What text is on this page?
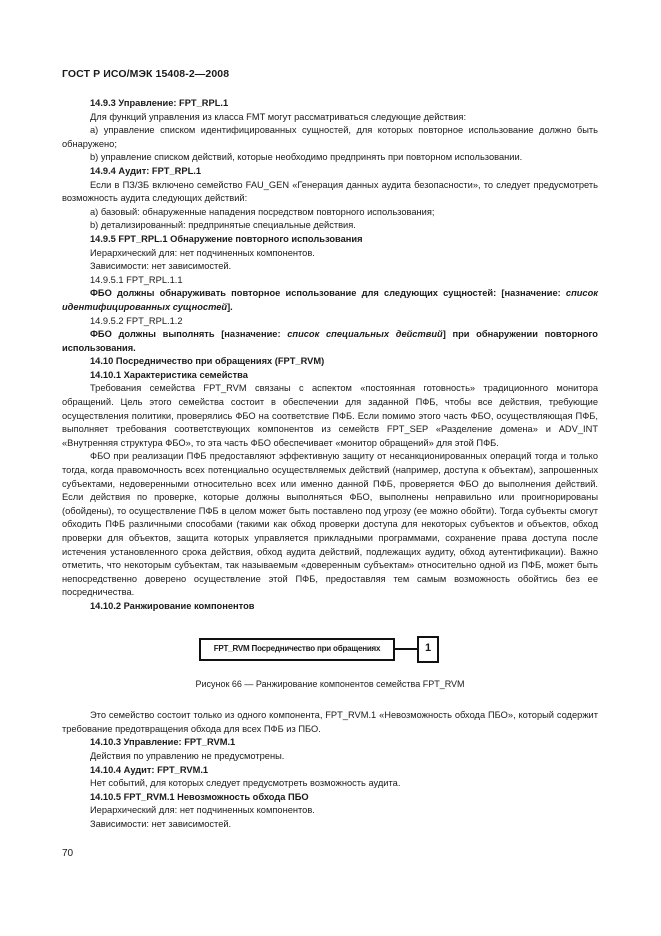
ГОСТ Р ИСО/МЭК 15408-2—2008

14.9.3 Управление: FPT_RPL.1

Для функций управления из класса FMT могут рассматриваться следующие действия:

а) управление списком идентифицированных сущностей, для которых повторное использование должно быть обнаружено;

b) управление списком действий, которые необходимо предпринять при повторном использовании.

14.9.4 Аудит: FPT_RPL.1

Если в ПЗ/ЗБ включено семейство FAU_GEN «Генерация данных аудита безопасности», то следует предусмотреть возможность аудита следующих действий:

а) базовый: обнаруженные нападения посредством повторного использования;

b) детализированный: предпринятые специальные действия.

14.9.5 FPT_RPL.1 Обнаружение повторного использования

Иерархический для: нет подчиненных компонентов.

Зависимости: нет зависимостей.

14.9.5.1 FPT_RPL.1.1

ФБО должны обнаруживать повторное использование для следующих сущностей: [назначение: список идентифицированных сущностей].

14.9.5.2 FPT_RPL.1.2

ФБО должны выполнять [назначение: список специальных действий] при обнаружении повторного использования.

14.10 Посредничество при обращениях (FPT_RVM)

14.10.1 Характеристика семейства

Требования семейства FPT_RVM связаны с аспектом «постоянная готовность» традиционного монитора обращений. Цель этого семейства состоит в обеспечении для заданной ПФБ, чтобы все действия, требующие осуществления политики, проверялись ФБО на соответствие ПФБ. Если помимо этого часть ФБО, осуществляющая ПФБ, выполняет требования соответствующих компонентов из семейств FPT_SEP «Разделение домена» и ADV_INT «Внутренняя структура ФБО», то эта часть ФБО обеспечивает «монитор обращений» для этой ПФБ.

ФБО при реализации ПФБ предоставляют эффективную защиту от несанкционированных операций тогда и только тогда, когда правомочность всех потенциально осуществляемых действий (например, доступа к объектам), запрошенных субъектами, недоверенными относительно всех или именно данной ПФБ, проверяется ФБО до выполнения действий. Если действия по проверке, которые должны выполняться ФБО, выполнены неправильно или проигнорированы (обойдены), то осуществление ПФБ в целом может быть поставлено под угрозу (ее можно обойти). Тогда субъекты смогут обходить ПФБ различными способами (такими как обход проверки доступа для некоторых субъектов и объектов, обход проверки для объектов, защита которых управляется прикладными программами, сохранение права доступа после истечения установленного срока действия, обход аудита действий, подлежащих аудиту, обход аутентификации). Важно отметить, что некоторым субъектам, так называемым «доверенным субъектам» относительно одной из ПФБ, может быть непосредственно доверено осуществление этой ПФБ, предоставляя тем самым возможность обойтись без ее посредничества.

14.10.2 Ранжирование компонентов

FPT_RVM Посредничество при обращениях	1
Рисунок 66 — Ранжирование компонентов семейства FPT_RVM

Это семейство состоит только из одного компонента, FPT_RVM.1 «Невозможность обхода ПБО», который содержит требование предотвращения обхода для всех ПФБ из ПБО.

14.10.3 Управление: FPT_RVM.1

Действия по управлению не предусмотрены.

14.10.4 Аудит: FPT_RVM.1

Нет событий, для которых следует предусмотреть возможность аудита.

14.10.5 FPT_RVM.1 Невозможность обхода ПБО

Иерархический для: нет подчиненных компонентов.

Зависимости: нет зависимостей.

70
